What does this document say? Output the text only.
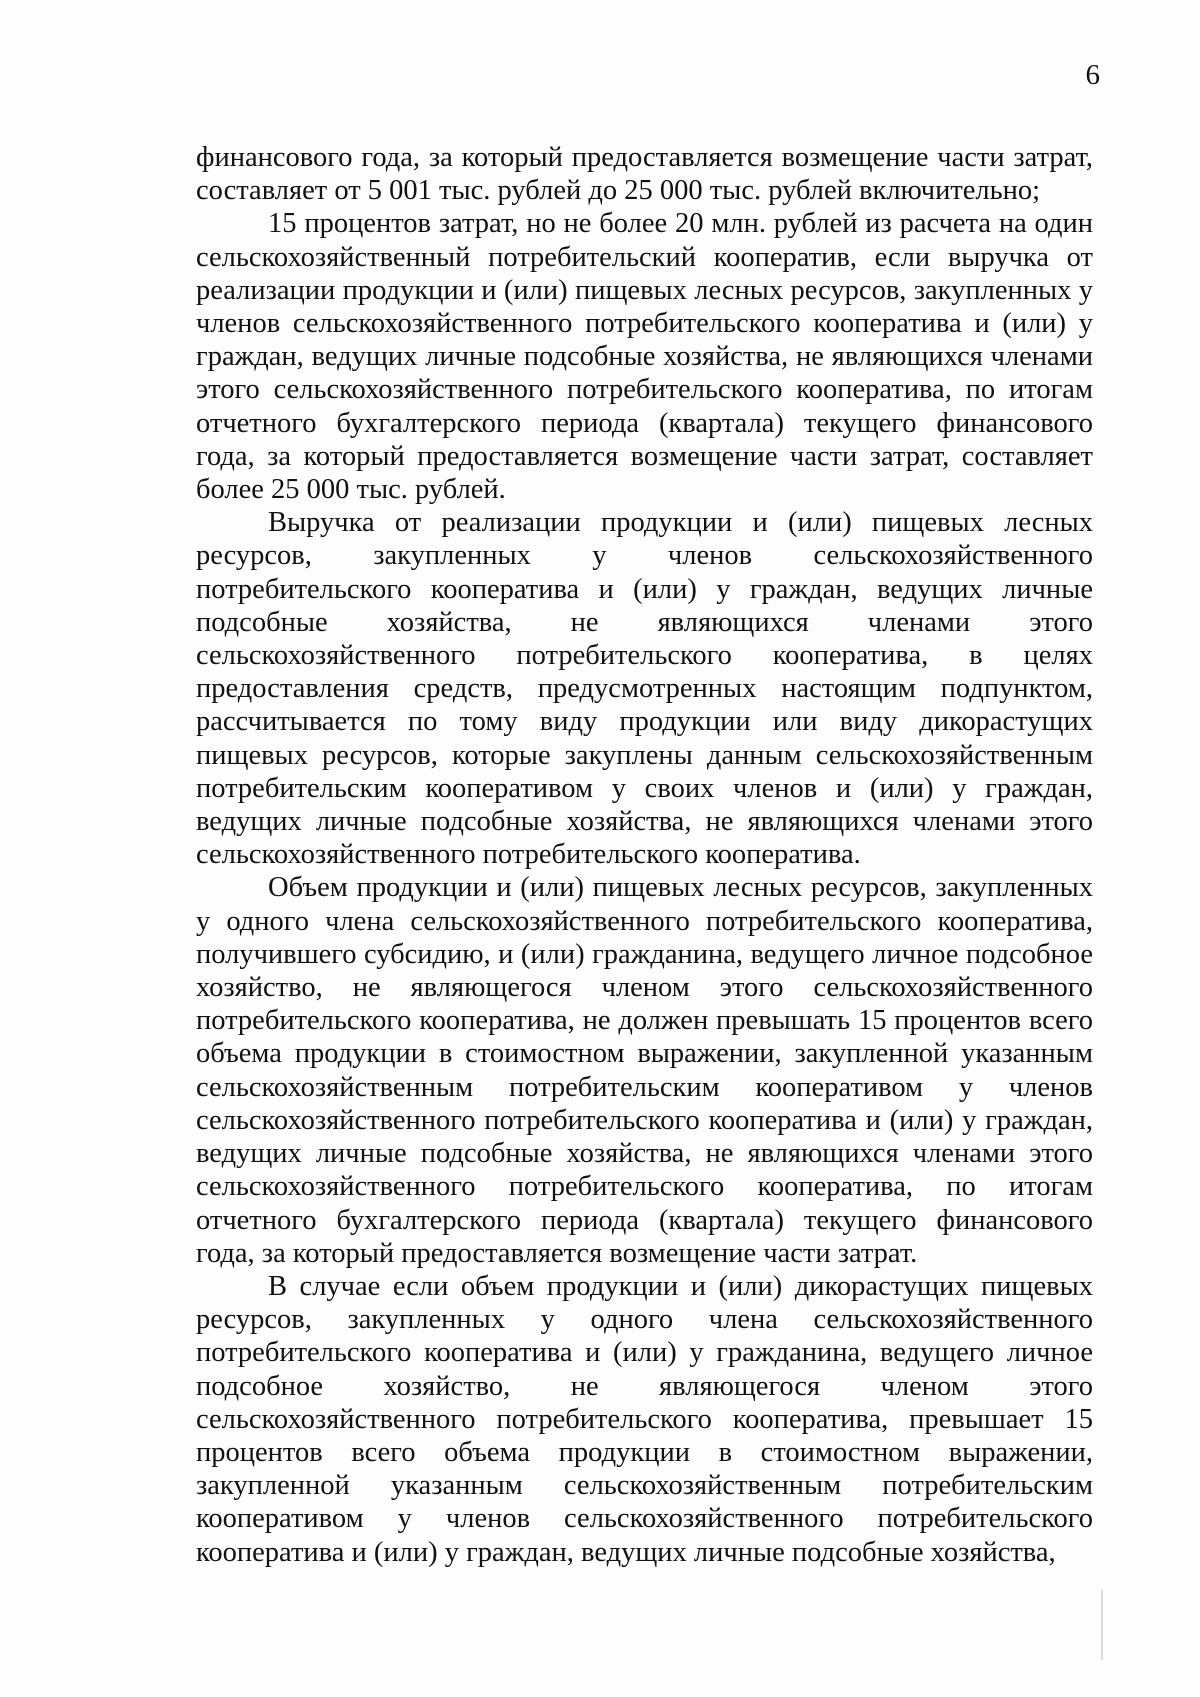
6

финансового года, за который предоставляется возмещение части затрат, составляет от 5 001 тыс. рублей до 25 000 тыс. рублей включительно;

15 процентов затрат, но не более 20 млн. рублей из расчета на один сельскохозяйственный потребительский кооператив, если выручка от реализации продукции и (или) пищевых лесных ресурсов, закупленных у членов сельскохозяйственного потребительского кооператива и (или) у граждан, ведущих личные подсобные хозяйства, не являющихся членами этого сельскохозяйственного потребительского кооператива, по итогам отчетного бухгалтерского периода (квартала) текущего финансового года, за который предоставляется возмещение части затрат, составляет более 25 000 тыс. рублей.

Выручка от реализации продукции и (или) пищевых лесных ресурсов, закупленных у членов сельскохозяйственного потребительского кооператива и (или) у граждан, ведущих личные подсобные хозяйства, не являющихся членами этого сельскохозяйственного потребительского кооператива, в целях предоставления средств, предусмотренных настоящим подпунктом, рассчитывается по тому виду продукции или виду дикорастущих пищевых ресурсов, которые закуплены данным сельскохозяйственным потребительским кооперативом у своих членов и (или) у граждан, ведущих личные подсобные хозяйства, не являющихся членами этого сельскохозяйственного потребительского кооператива.

Объем продукции и (или) пищевых лесных ресурсов, закупленных у одного члена сельскохозяйственного потребительского кооператива, получившего субсидию, и (или) гражданина, ведущего личное подсобное хозяйство, не являющегося членом этого сельскохозяйственного потребительского кооператива, не должен превышать 15 процентов всего объема продукции в стоимостном выражении, закупленной указанным сельскохозяйственным потребительским кооперативом у членов сельскохозяйственного потребительского кооператива и (или) у граждан, ведущих личные подсобные хозяйства, не являющихся членами этого сельскохозяйственного потребительского кооператива, по итогам отчетного бухгалтерского периода (квартала) текущего финансового года, за который предоставляется возмещение части затрат.

В случае если объем продукции и (или) дикорастущих пищевых ресурсов, закупленных у одного члена сельскохозяйственного потребительского кооператива и (или) у гражданина, ведущего личное подсобное хозяйство, не являющегося членом этого сельскохозяйственного потребительского кооператива, превышает 15 процентов всего объема продукции в стоимостном выражении, закупленной указанным сельскохозяйственным потребительским кооперативом у членов сельскохозяйственного потребительского кооператива и (или) у граждан, ведущих личные подсобные хозяйства,
